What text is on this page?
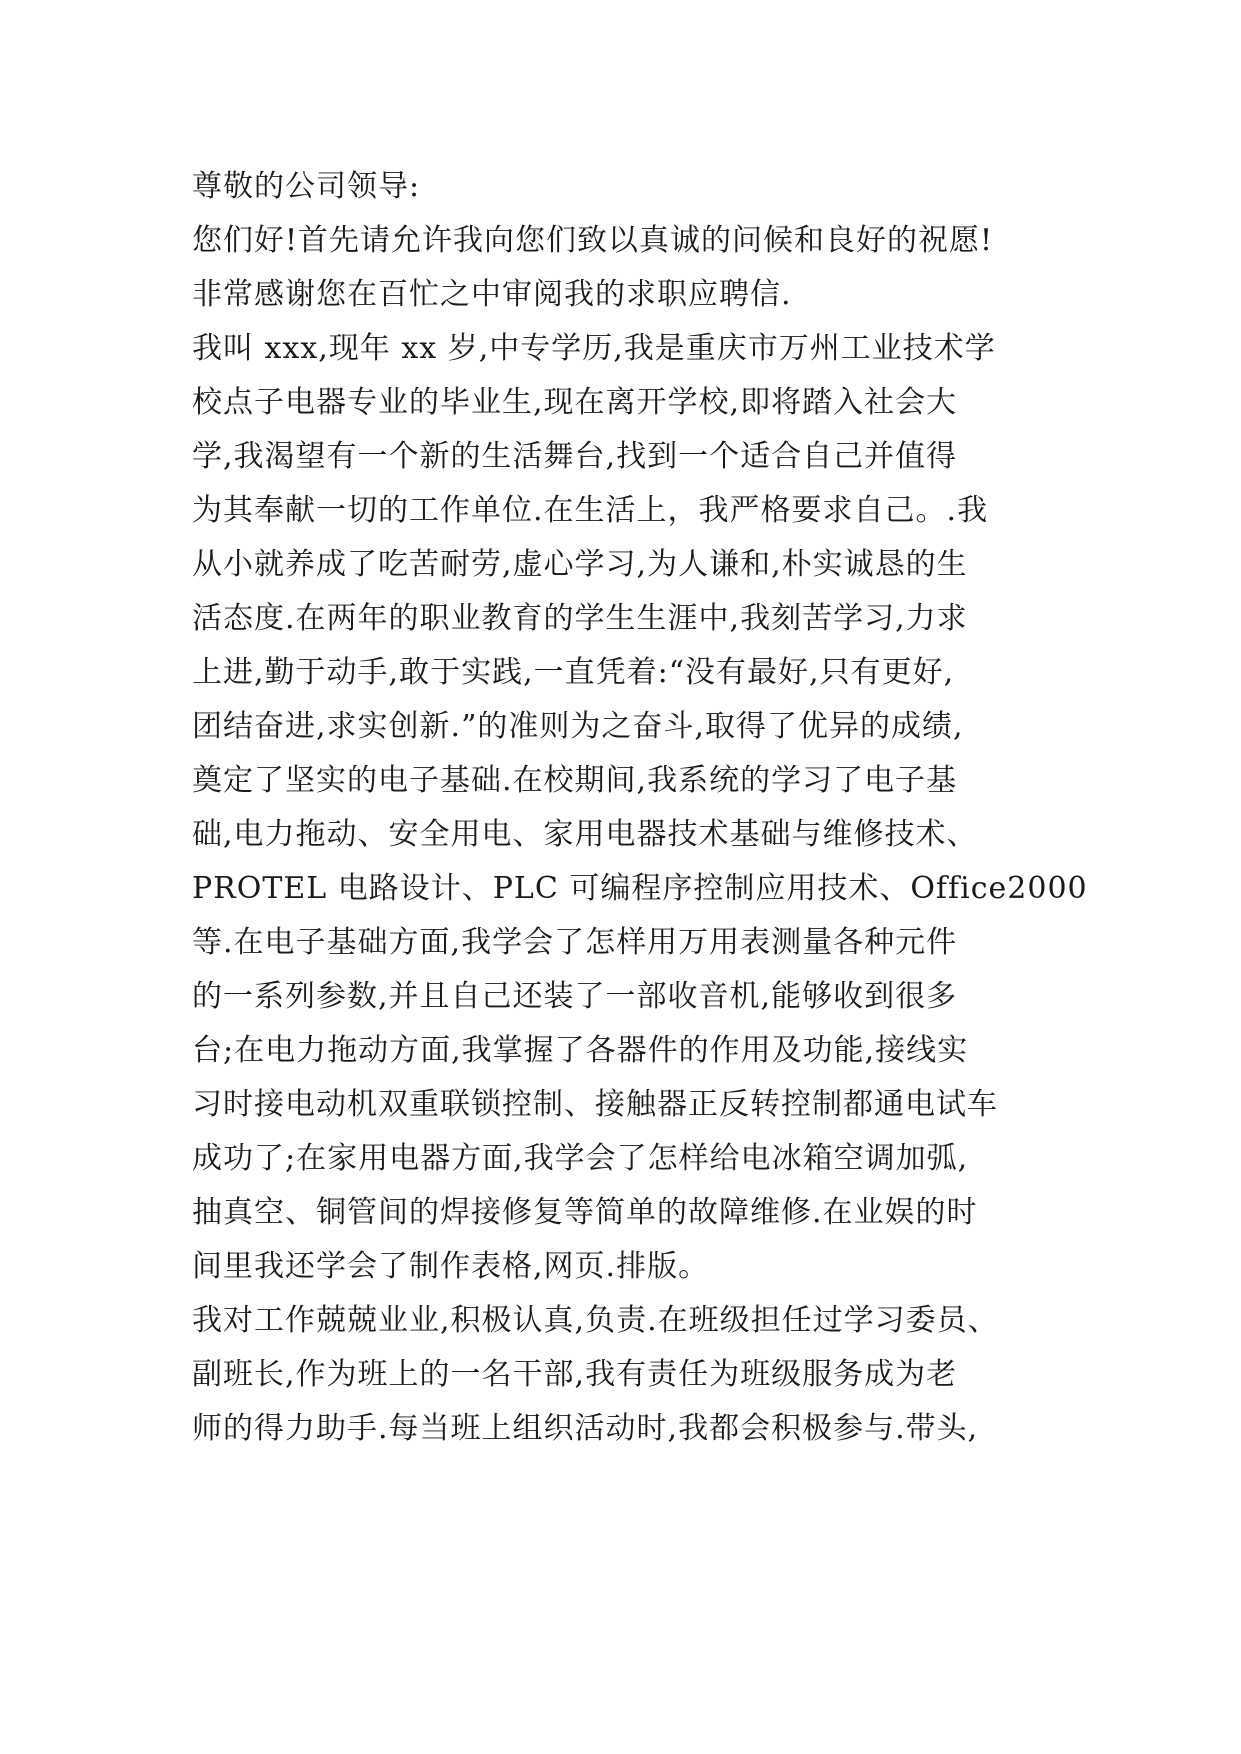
尊敬的公司领导:
您们好!首先请允许我向您们致以真诚的问候和良好的祝愿!
非常感谢您在百忙之中审阅我的求职应聘信.
我叫 xxx,现年 xx 岁,中专学历,我是重庆市万州工业技术学
校点子电器专业的毕业生,现在离开学校,即将踏入社会大
学,我渴望有一个新的生活舞台,找到一个适合自己并值得
为其奉献一切的工作单位.在生活上，我严格要求自己。.我
从小就养成了吃苦耐劳,虚心学习,为人谦和,朴实诚恳的生
活态度.在两年的职业教育的学生生涯中,我刻苦学习,力求
上进,勤于动手,敢于实践,一直凭着:“没有最好,只有更好,
团结奋进,求实创新.”的准则为之奋斗,取得了优异的成绩,
奠定了坚实的电子基础.在校期间,我系统的学习了电子基
础,电力拖动、安全用电、家用电器技术基础与维修技术、
PROTEL 电路设计、PLC 可编程序控制应用技术、Office2000
等.在电子基础方面,我学会了怎样用万用表测量各种元件
的一系列参数,并且自己还装了一部收音机,能够收到很多
台;在电力拖动方面,我掌握了各器件的作用及功能,接线实
习时接电动机双重联锁控制、接触器正反转控制都通电试车
成功了;在家用电器方面,我学会了怎样给电冰箱空调加弧,
抽真空、铜管间的焊接修复等简单的故障维修.在业娱的时
间里我还学会了制作表格,网页.排版。
我对工作兢兢业业,积极认真,负责.在班级担任过学习委员、
副班长,作为班上的一名干部,我有责任为班级服务成为老
师的得力助手.每当班上组织活动时,我都会积极参与.带头,
